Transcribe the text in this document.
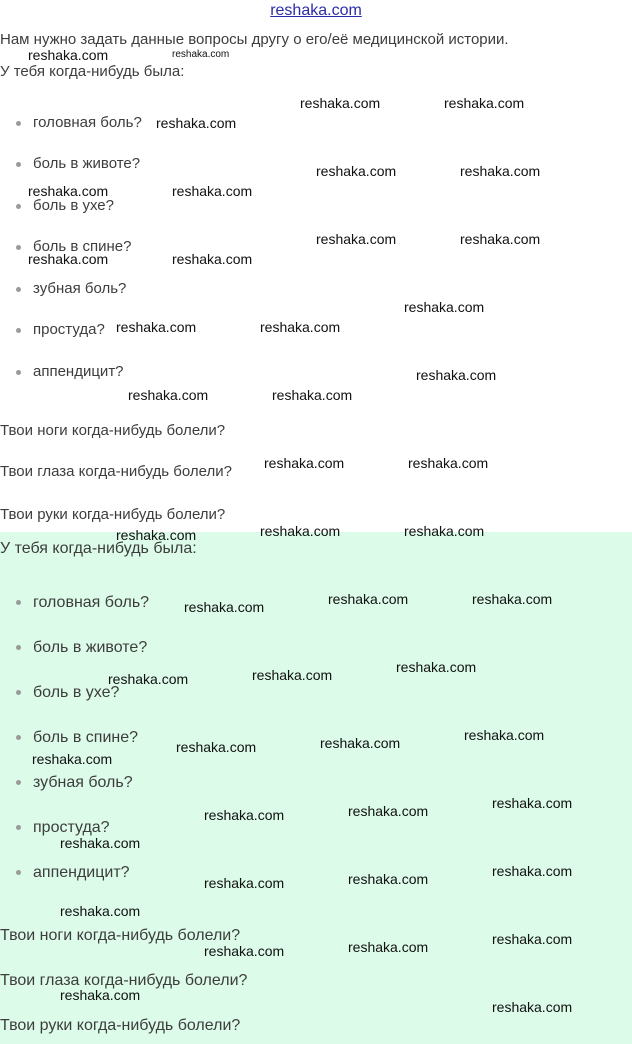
reshaka.com
Нам нужно задать данные вопросы другу о его/её медицинской истории.
У тебя когда-нибудь была:
головная боль?
боль в животе?
боль в ухе?
боль в спине?
зубная боль?
простуда?
аппендицит?
Твои ноги когда-нибудь болели?
Твои глаза когда-нибудь болели?
Твои руки когда-нибудь болели?
У тебя когда-нибудь была:
головная боль?
боль в животе?
боль в ухе?
боль в спине?
зубная боль?
простуда?
аппендицит?
Твои ноги когда-нибудь болели?
Твои глаза когда-нибудь болели?
Твои руки когда-нибудь болели?
reshaka.com	reshaka.com
reshaka.com	reshaka.com
reshaka.com
reshaka.com	reshaka.com
reshaka.com	reshaka.com
reshaka.com	reshaka.com
reshaka.com	reshaka.com
reshaka.com
reshaka.com	reshaka.com
reshaka.com
reshaka.com	reshaka.com
reshaka.com	reshaka.com
reshaka.com	reshaka.com
reshaka.com
reshaka.com	reshaka.com
reshaka.com
reshaka.com
reshaka.com
reshaka.com
reshaka.com
reshaka.com
reshaka.com
reshaka.com
reshaka.com
reshaka.com
reshaka.com
reshaka.com
reshaka.com
reshaka.com
reshaka.com
reshaka.com
reshaka.com
reshaka.com
reshaka.com
reshaka.com
reshaka.com
